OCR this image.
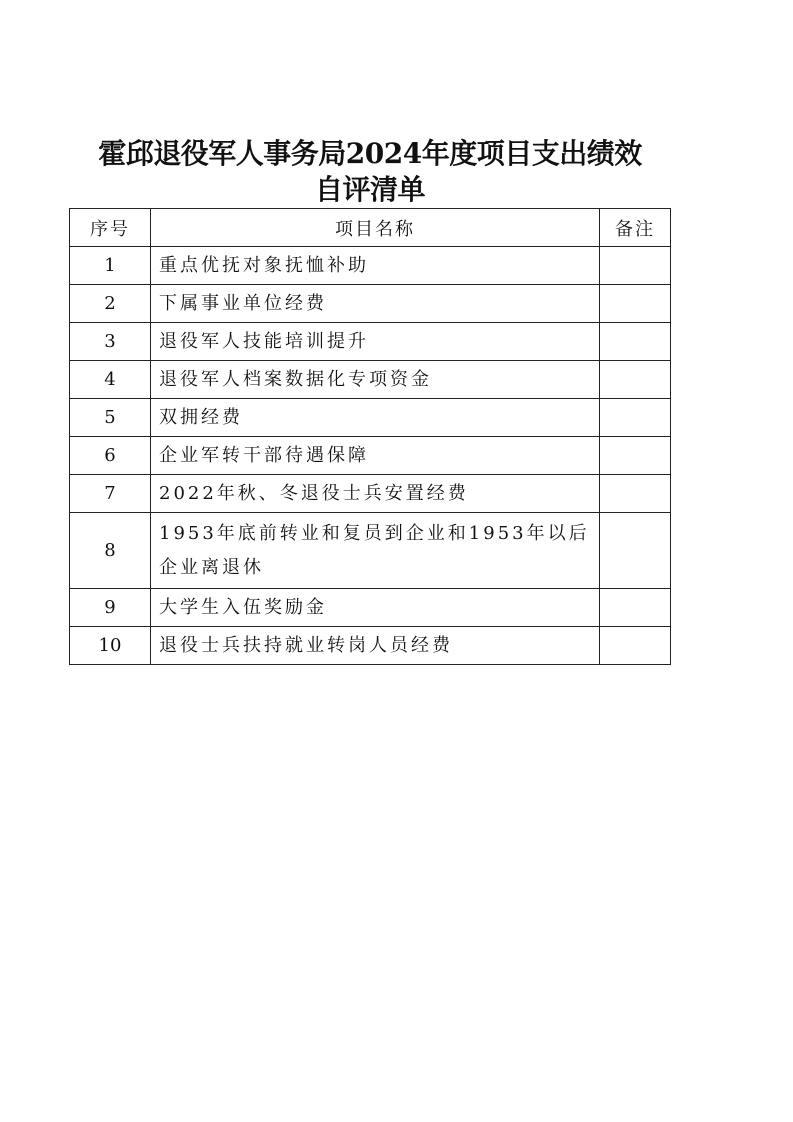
霍邱退役军人事务局2024年度项目支出绩效
自评清单
序号	项目名称	备注
1	重点优抚对象抚恤补助	
2	下属事业单位经费	
3	退役军人技能培训提升	
4	退役军人档案数据化专项资金	
5	双拥经费	
6	企业军转干部待遇保障	
7	2022年秋、冬退役士兵安置经费	
8	1953年底前转业和复员到企业和1953年以后企业离退休	
9	大学生入伍奖励金	
10	退役士兵扶持就业转岗人员经费	
